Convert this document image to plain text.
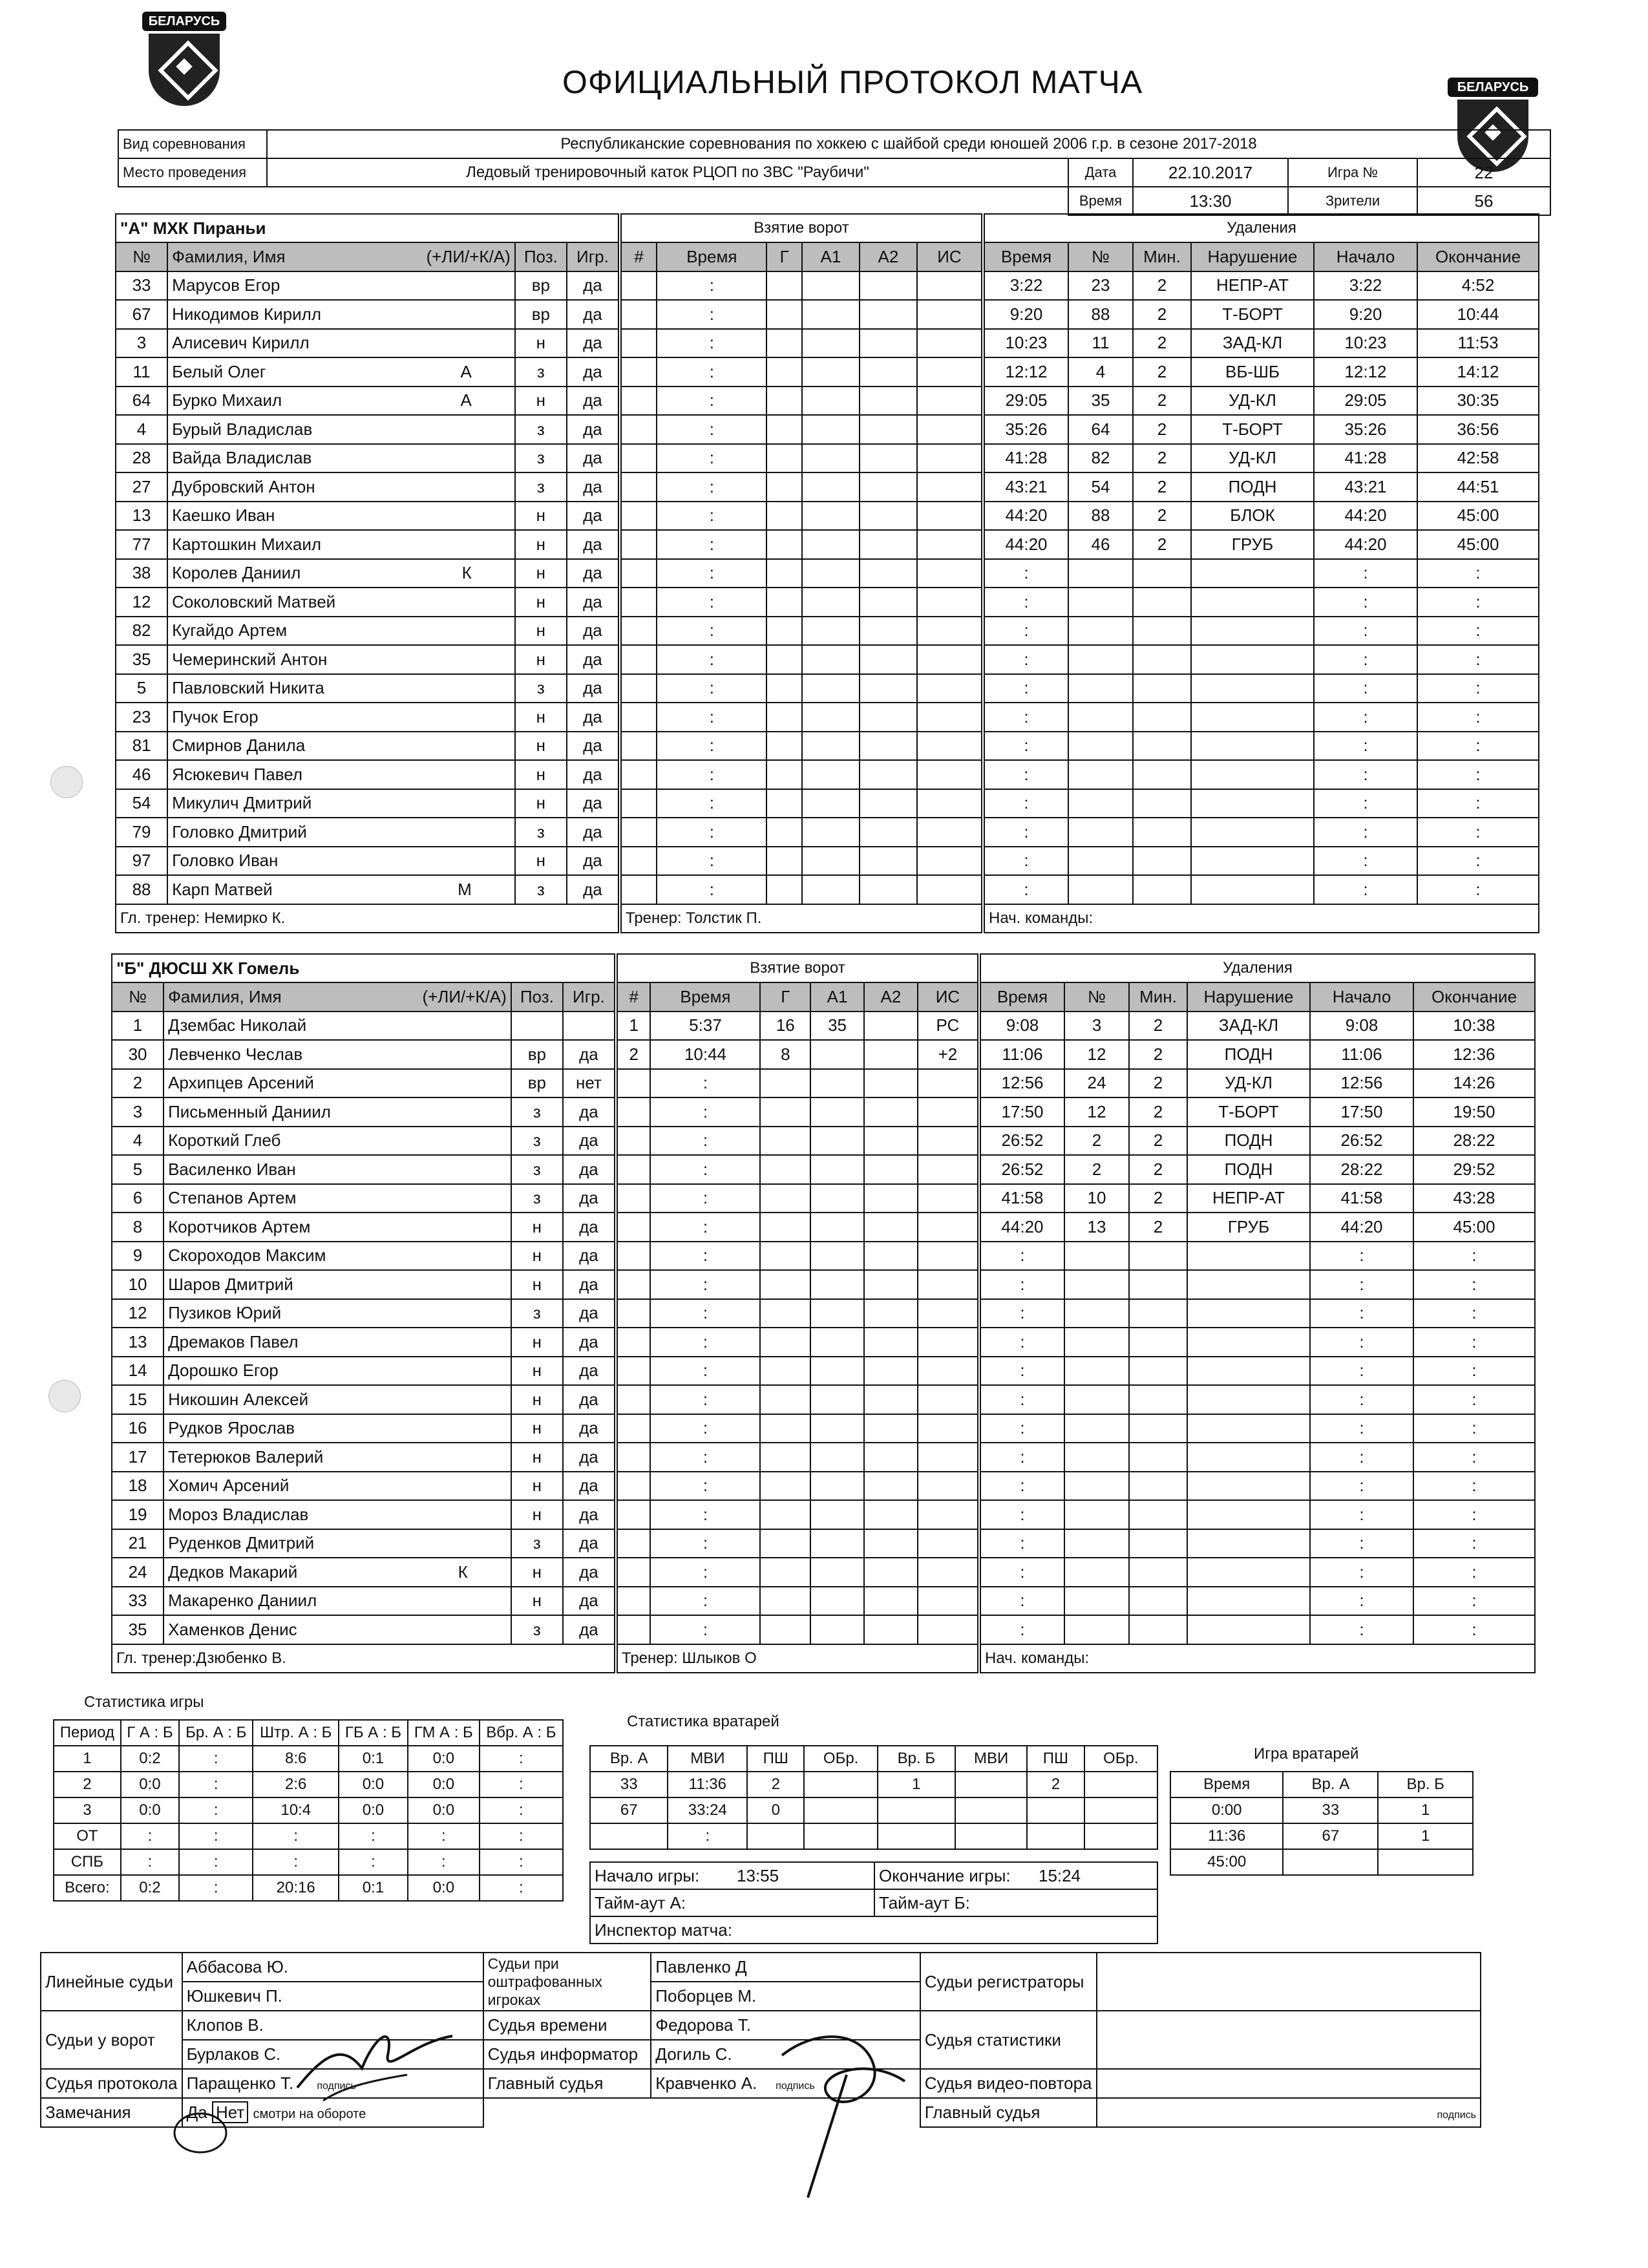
БЕЛАРУСЬ
БЕЛАРУСЬ
ОФИЦИАЛЬНЫЙ ПРОТОКОЛ МАТЧА
Вид соревнования	Республиканские соревнования по хоккею с шайбой среди юношей 2006 г.р. в сезоне 2017-2018				
Место проведения	Ледовый тренировочный каток РЦОП по ЗВС "Раубичи"	Дата	22.10.2017	Игра №	22
		Время	13:30	Зрители	56
"А" МХК Пираньи			
№	Фамилия, Имя (+ЛИ/+К/А)	Поз.	Игр.
33	Марусов Егор	вр	да
67	Никодимов Кирилл	вр	да
3	Алисевич Кирилл	н	да
11	Белый Олег А	з	да
64	Бурко Михаил А	н	да
4	Бурый Владислав	з	да
28	Вайда Владислав	з	да
27	Дубровский Антон	з	да
13	Каешко Иван	н	да
77	Картошкин Михаил	н	да
38	Королев Даниил К	н	да
12	Соколовский Матвей	н	да
82	Кугайдо Артем	н	да
35	Чемеринский Антон	н	да
5	Павловский Никита	з	да
23	Пучок Егор	н	да
81	Смирнов Данила	н	да
46	Ясюкевич Павел	н	да
54	Микулич Дмитрий	н	да
79	Головко Дмитрий	з	да
97	Головко Иван	н	да
88	Карп Матвей М	з	да
Гл. тренер: Немирко К.			
Взятие ворот					
#	Время	Г	А1	А2	ИС
	:				
	:				
	:				
	:				
	:				
	:				
	:				
	:				
	:				
	:				
	:				
	:				
	:				
	:				
	:				
	:				
	:				
	:				
	:				
	:				
	:				
	:				
Тренер: Толстик П.					
Удаления					
Время	№	Мин.	Нарушение	Начало	Окончание
3:22	23	2	НЕПР-АТ	3:22	4:52
9:20	88	2	Т-БОРТ	9:20	10:44
10:23	11	2	ЗАД-КЛ	10:23	11:53
12:12	4	2	ВБ-ШБ	12:12	14:12
29:05	35	2	УД-КЛ	29:05	30:35
35:26	64	2	Т-БОРТ	35:26	36:56
41:28	82	2	УД-КЛ	41:28	42:58
43:21	54	2	ПОДН	43:21	44:51
44:20	88	2	БЛОК	44:20	45:00
44:20	46	2	ГРУБ	44:20	45:00
:				:	:
:				:	:
:				:	:
:				:	:
:				:	:
:				:	:
:				:	:
:				:	:
:				:	:
:				:	:
:				:	:
:				:	:
Нач. команды:					
"Б" ДЮСШ ХК Гомель			
№	Фамилия, Имя (+ЛИ/+К/А)	Поз.	Игр.
1	Дзембас Николай

30	Левченко Чеслав	вр	да
2	Архипцев Арсений	вр	нет
3	Письменный Даниил	з	да
4	Короткий Глеб	з	да
5	Василенко Иван	з	да
6	Степанов Артем	з	да
8	Коротчиков Артем	н	да
9	Скороходов Максим	н	да
10	Шаров Дмитрий	н	да
12	Пузиков Юрий	з	да
13	Дремаков Павел	н	да
14	Дорошко Егор	н	да
15	Никошин Алексей	н	да
16	Рудков Ярослав	н	да
17	Тетерюков Валерий	н	да
18	Хомич Арсений	н	да
19	Мороз Владислав	н	да
21	Руденков Дмитрий	з	да
24	Дедков Макарий К	н	да
33	Макаренко Даниил	н	да
35	Хаменков Денис	з	да
Гл. тренер:Дзюбенко В.			
Взятие ворот					
#	Время	Г	А1	А2	ИС
1	5:37	16	35		РС
2	10:44	8			+2
	:				
	:				
	:				
	:				
	:				
	:				
	:				
	:				
	:				
	:				
	:				
	:				
	:				
	:				
	:				
	:				
	:				
	:				
	:				
	:				
Тренер: Шлыков О					
Удаления					
Время	№	Мин.	Нарушение	Начало	Окончание
9:08	3	2	ЗАД-КЛ	9:08	10:38
11:06	12	2	ПОДН	11:06	12:36
12:56	24	2	УД-КЛ	12:56	14:26
17:50	12	2	Т-БОРТ	17:50	19:50
26:52	2	2	ПОДН	26:52	28:22
26:52	2	2	ПОДН	28:22	29:52
41:58	10	2	НЕПР-АТ	41:58	43:28
44:20	13	2	ГРУБ	44:20	45:00
:				:	:
:				:	:
:				:	:
:				:	:
:				:	:
:				:	:
:				:	:
:				:	:
:				:	:
:				:	:
:				:	:
:				:	:
:				:	:
:				:	:
Нач. команды:					
Статистика игры
Период	Г А : Б	Бр. А : Б	Штр. А : Б	ГБ А : Б	ГМ А : Б	Вбр. А : Б
1	0:2	:	8:6	0:1	0:0	:
2	0:0	:	2:6	0:0	0:0	:
3	0:0	:	10:4	0:0	0:0	:
ОТ	:	:	:	:	:	:
СПБ	:	:	:	:	:	:
Всего:	0:2	:	20:16	0:1	0:0	:
Статистика вратарей
Вр. А	МВИ	ПШ	ОБр.	Вр. Б	МВИ	ПШ	ОБр.
33	11:36	2		1		2	
67	33:24	0					
	:						
Начало игры: 13:55	Окончание игры: 15:24
Тайм-аут А:	Тайм-аут Б:
Инспектор матча:	
Игра вратарей
Время	Вр. А	Вр. Б
0:00	33	1
11:36	67	1
45:00		
Линейные судьи	Аббасова Ю.	Судьи при оштрафованных игроках	Павленко Д	Судьи регистраторы	
	Юшкевич П.		Поборцев М.		
Судьи у ворот	Клопов В.	Судья времени	Федорова Т.	Судья статистики	
	Бурлаков С.	Судья информатор	Догиль С.		
Судья протокола	Паращенко Т. подпись	Главный судья	Кравченко А. подпись	Судья видео-повтора	
Замечания	Да Нет смотри на обороте			Главный судья	подпись
